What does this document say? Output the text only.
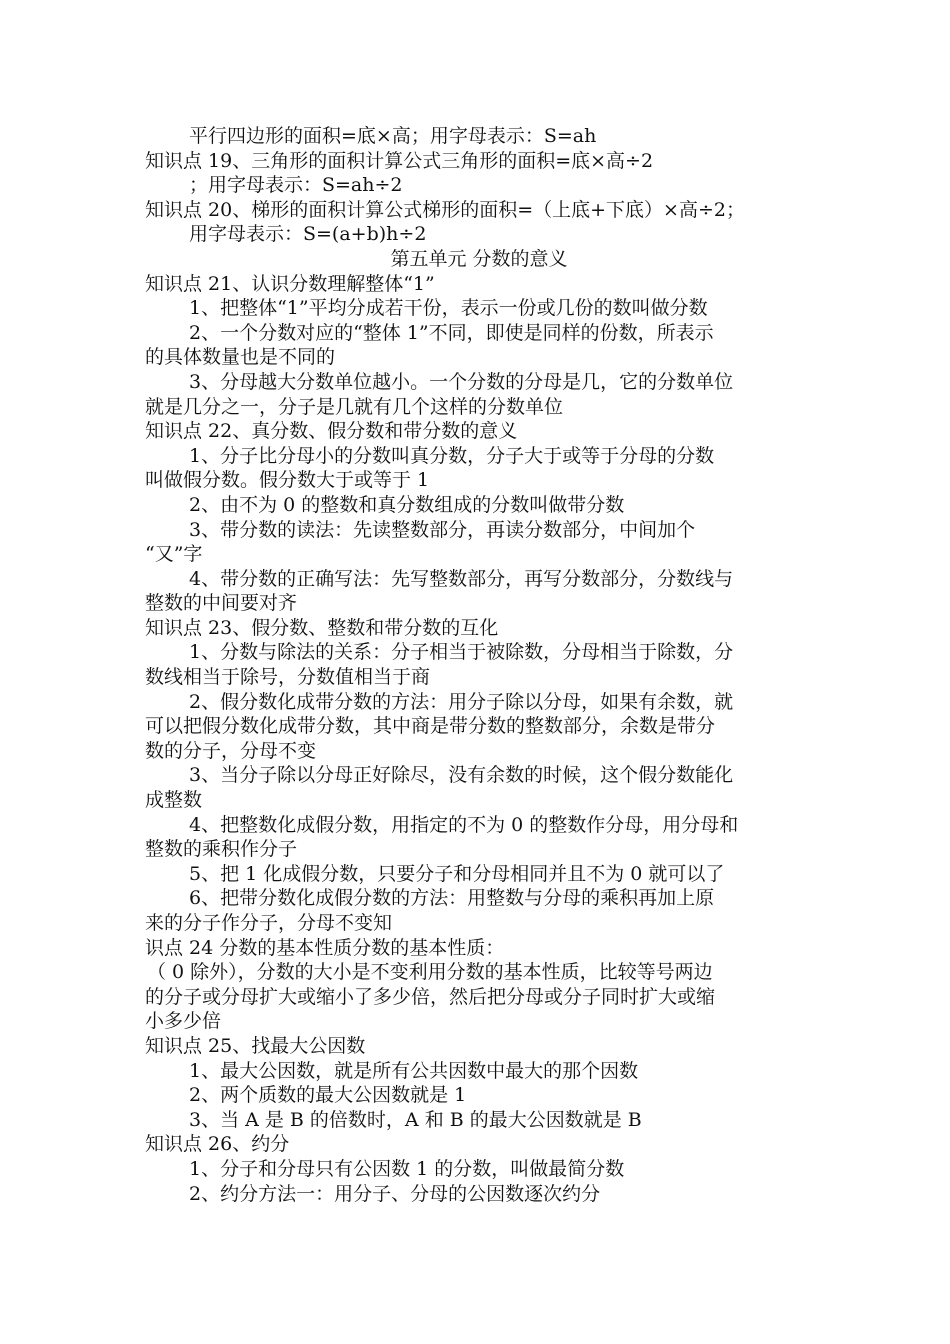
平行四边形的面积=底×高；用字母表示：S=ah
知识点 19、三角形的面积计算公式三角形的面积=底×高÷2
；用字母表示：S=ah÷2
知识点 20、梯形的面积计算公式梯形的面积=（上底+下底）×高÷2；
用字母表示：S=(a+b)h÷2
第五单元 分数的意义
知识点 21、认识分数理解整体“1”
1、把整体“1”平均分成若干份，表示一份或几份的数叫做分数
2、一个分数对应的“整体 1”不同，即使是同样的份数，所表示
的具体数量也是不同的
3、分母越大分数单位越小。一个分数的分母是几，它的分数单位
就是几分之一，分子是几就有几个这样的分数单位
知识点 22、真分数、假分数和带分数的意义
1、分子比分母小的分数叫真分数，分子大于或等于分母的分数
叫做假分数。假分数大于或等于 1
2、由不为 0 的整数和真分数组成的分数叫做带分数
3、带分数的读法：先读整数部分，再读分数部分，中间加个
“又”字
4、带分数的正确写法：先写整数部分，再写分数部分，分数线与
整数的中间要对齐
知识点 23、假分数、整数和带分数的互化
1、分数与除法的关系：分子相当于被除数，分母相当于除数，分
数线相当于除号，分数值相当于商
2、假分数化成带分数的方法：用分子除以分母，如果有余数，就
可以把假分数化成带分数，其中商是带分数的整数部分，余数是带分
数的分子，分母不变
3、当分子除以分母正好除尽，没有余数的时候，这个假分数能化
成整数
4、把整数化成假分数，用指定的不为 0 的整数作分母，用分母和
整数的乘积作分子
5、把 1 化成假分数，只要分子和分母相同并且不为 0 就可以了
6、把带分数化成假分数的方法：用整数与分母的乘积再加上原
来的分子作分子，分母不变知
识点 24 分数的基本性质分数的基本性质：
（ 0 除外），分数的大小是不变利用分数的基本性质，比较等号两边
的分子或分母扩大或缩小了多少倍，然后把分母或分子同时扩大或缩
小多少倍
知识点 25、找最大公因数
1、最大公因数，就是所有公共因数中最大的那个因数
2、两个质数的最大公因数就是 1
3、当 A 是 B 的倍数时，A 和 B 的最大公因数就是 B
知识点 26、约分
1、分子和分母只有公因数 1 的分数，叫做最简分数
2、约分方法一：用分子、分母的公因数逐次约分
